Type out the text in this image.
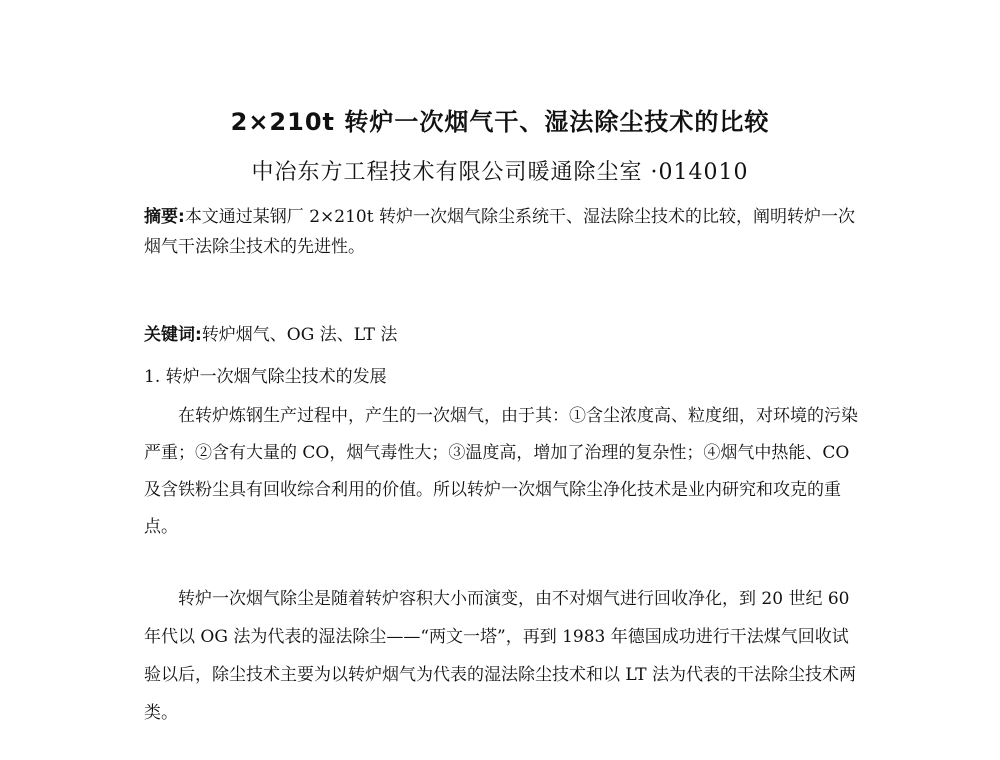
2×210t 转炉一次烟气干、湿法除尘技术的比较
中冶东方工程技术有限公司暖通除尘室 ·014010
摘要:本文通过某钢厂 2×210t 转炉一次烟气除尘系统干、湿法除尘技术的比较，阐明转炉一次烟气干法除尘技术的先进性。
关键词:转炉烟气、OG 法、LT 法
1. 转炉一次烟气除尘技术的发展
在转炉炼钢生产过程中，产生的一次烟气，由于其：①含尘浓度高、粒度细，对环境的污染严重；②含有大量的 CO，烟气毒性大；③温度高，增加了治理的复杂性；④烟气中热能、CO 及含铁粉尘具有回收综合利用的价值。所以转炉一次烟气除尘净化技术是业内研究和攻克的重点。
转炉一次烟气除尘是随着转炉容积大小而演变，由不对烟气进行回收净化，到 20 世纪 60 年代以 OG 法为代表的湿法除尘——“两文一塔”，再到 1983 年德国成功进行干法煤气回收试验以后，除尘技术主要为以转炉烟气为代表的湿法除尘技术和以 LT 法为代表的干法除尘技术两类。
